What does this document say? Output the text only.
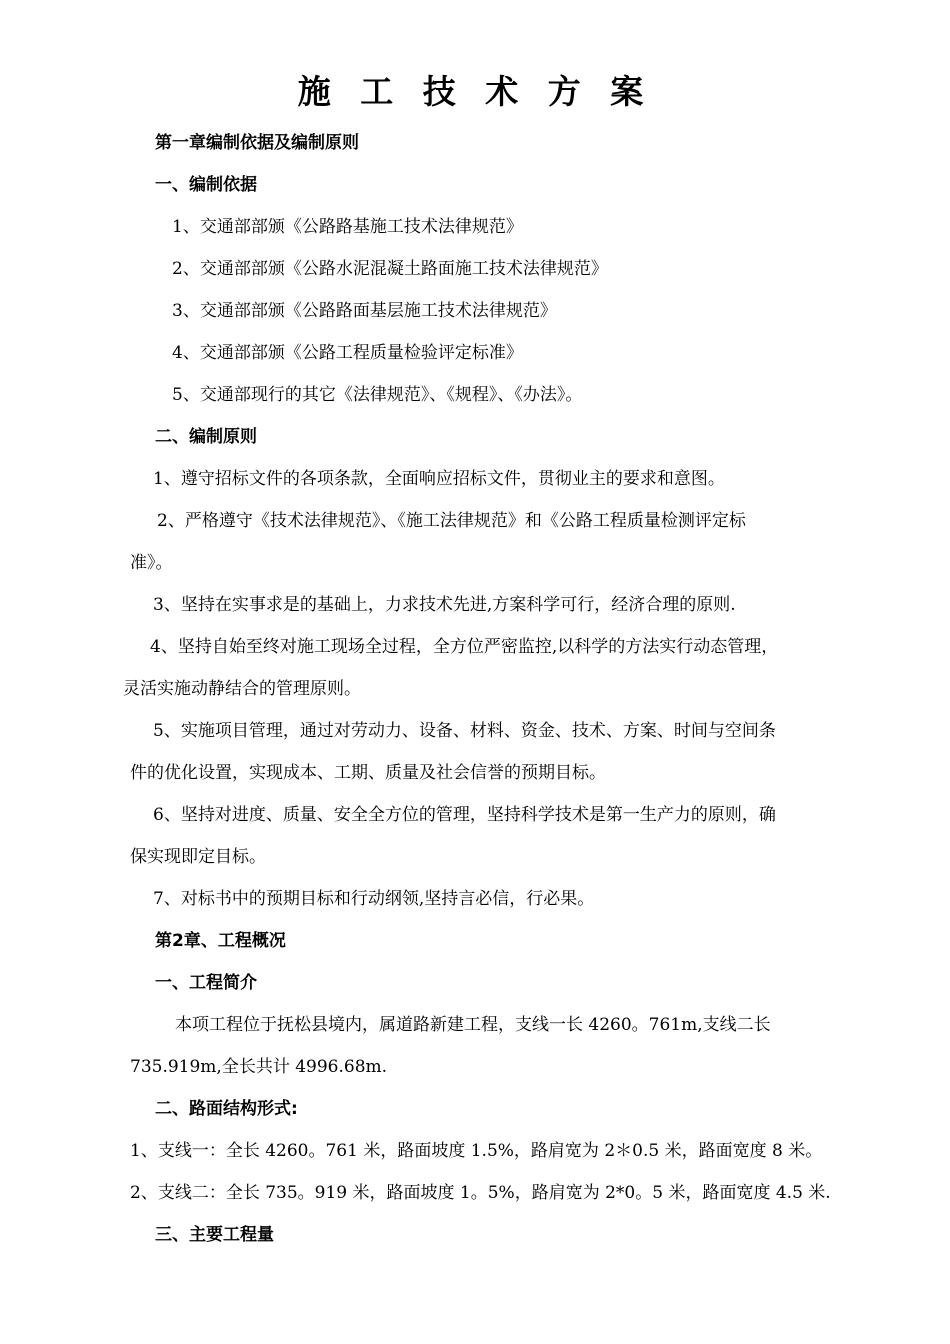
施 工 技 术 方 案
第一章编制依据及编制原则
一、编制依据
1、交通部部颁《公路路基施工技术法律规范》
2、交通部部颁《公路水泥混凝土路面施工技术法律规范》
3、交通部部颁《公路路面基层施工技术法律规范》
4、交通部部颁《公路工程质量检验评定标准》
5、交通部现行的其它《法律规范》、《规程》、《办法》。
二、编制原则
1、遵守招标文件的各项条款，全面响应招标文件，贯彻业主的要求和意图。
2、严格遵守《技术法律规范》、《施工法律规范》和《公路工程质量检测评定标
准》。
3、坚持在实事求是的基础上，力求技术先进,方案科学可行，经济合理的原则.
4、坚持自始至终对施工现场全过程，全方位严密监控,以科学的方法实行动态管理，
灵活实施动静结合的管理原则。
5、实施项目管理，通过对劳动力、设备、材料、资金、技术、方案、时间与空间条
件的优化设置，实现成本、工期、质量及社会信誉的预期目标。
6、坚持对进度、质量、安全全方位的管理，坚持科学技术是第一生产力的原则，确
保实现即定目标。
7、对标书中的预期目标和行动纲领,坚持言必信，行必果。
第2章、工程概况
一、工程简介
本项工程位于抚松县境内，属道路新建工程，支线一长 4260。761m,支线二长
735.919m,全长共计 4996.68m.
二、路面结构形式:
1、支线一：全长 4260。761 米，路面坡度 1.5%，路肩宽为 2＊0.5 米，路面宽度 8 米。
2、支线二：全长 735。919 米，路面坡度 1。5%，路肩宽为 2*0。5 米，路面宽度 4.5 米.
三、主要工程量
